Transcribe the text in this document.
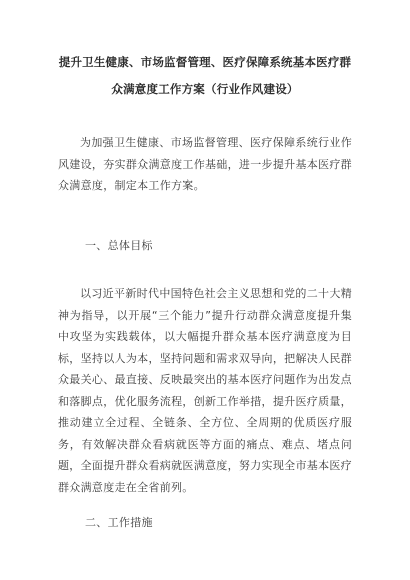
提升卫生健康、市场监督管理、医疗保障系统基本医疗群
众满意度工作方案（行业作风建设）

为加强卫生健康、市场监督管理、医疗保障系统行业作风建设，夯实群众满意度工作基础，进一步提升基本医疗群众满意度，制定本工作方案。

一、总体目标

以习近平新时代中国特色社会主义思想和党的二十大精神为指导，以开展“三个能力”提升行动群众满意度提升集中攻坚为实践载体，以大幅提升群众基本医疗满意度为目标，坚持以人为本，坚持问题和需求双导向，把解决人民群众最关心、最直接、反映最突出的基本医疗问题作为出发点和落脚点，优化服务流程，创新工作举措，提升医疗质量，推动建立全过程、全链条、全方位、全周期的优质医疗服务，有效解决群众看病就医等方面的痛点、难点、堵点问题，全面提升群众看病就医满意度，努力实现全市基本医疗群众满意度走在全省前列。

二、工作措施
